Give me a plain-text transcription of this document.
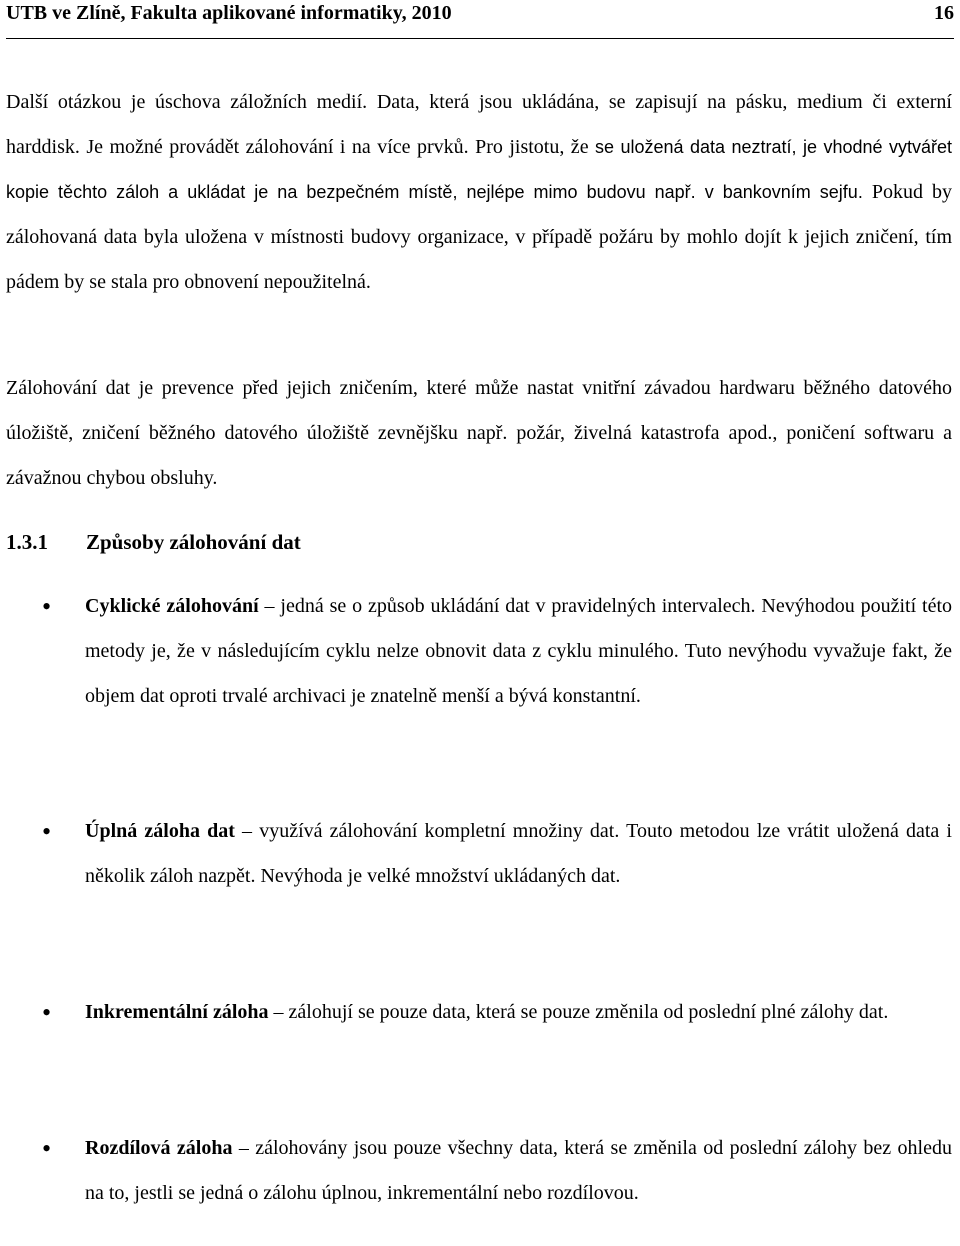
UTB ve Zlíně, Fakulta aplikované informatiky, 2010	16

Další otázkou je úschova záložních medií. Data, která jsou ukládána, se zapisují na pásku, medium či externí harddisk. Je možné provádět zálohování i na více prvků. Pro jistotu, že se uložená data neztratí, je vhodné vytvářet kopie těchto záloh a ukládat je na bezpečném místě, nejlépe mimo budovu např. v bankovním sejfu. Pokud by zálohovaná data byla uložena v místnosti budovy organizace, v případě požáru by mohlo dojít k jejich zničení, tím pádem by se stala pro obnovení nepoužitelná.

Zálohování dat je prevence před jejich zničením, které může nastat vnitřní závadou hardwaru běžného datového úložiště, zničení běžného datového úložiště zevnějšku např. požár, živelná katastrofa apod., poničení softwaru a závažnou chybou obsluhy.

1.3.1 Způsoby zálohování dat
• Cyklické zálohování – jedná se o způsob ukládání dat v pravidelných intervalech. Nevýhodou použití této metody je, že v následujícím cyklu nelze obnovit data z cyklu minulého. Tuto nevýhodu vyvažuje fakt, že objem dat oproti trvalé archivaci je znatelně menší a bývá konstantní.

• Úplná záloha dat – využívá zálohování kompletní množiny dat. Touto metodou lze vrátit uložená data i několik záloh nazpět. Nevýhoda je velké množství ukládaných dat.

• Inkrementální záloha – zálohují se pouze data, která se pouze změnila od poslední plné zálohy dat.

• Rozdílová záloha – zálohovány jsou pouze všechny data, která se změnila od poslední zálohy bez ohledu na to, jestli se jedná o zálohu úplnou, inkrementální nebo rozdílovou.
